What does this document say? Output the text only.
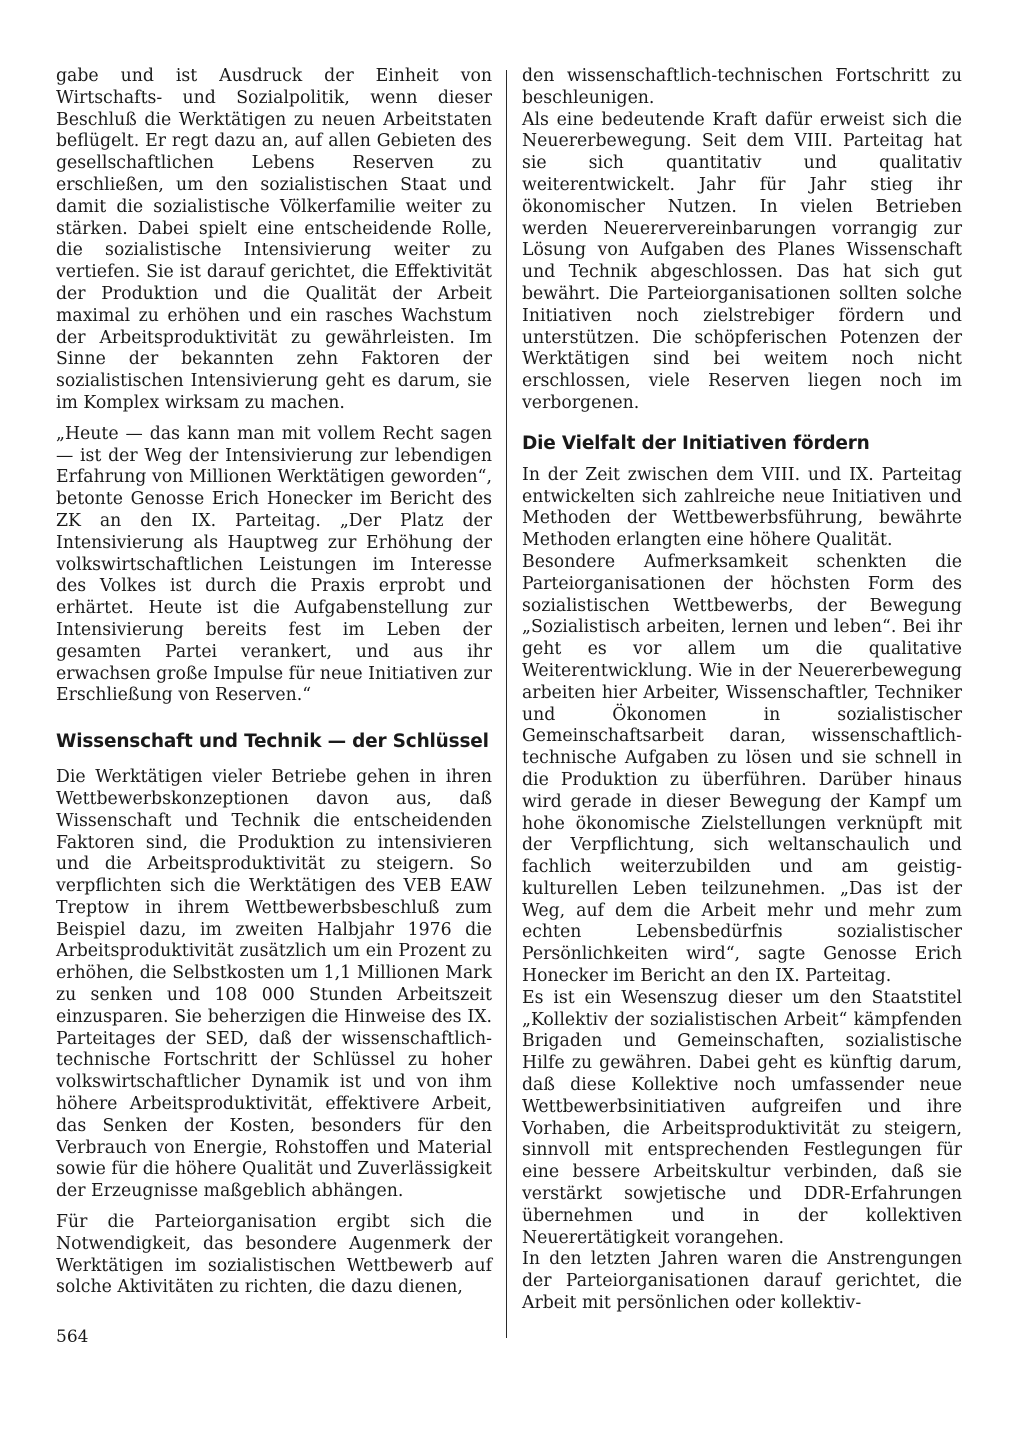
gabe und ist Ausdruck der Einheit von Wirtschafts- und Sozialpolitik, wenn dieser Beschluß die Werktätigen zu neuen Arbeitstaten beflügelt. Er regt dazu an, auf allen Gebieten des gesellschaftlichen Lebens Reserven zu erschließen, um den sozialistischen Staat und damit die sozialistische Völkerfamilie weiter zu stärken. Dabei spielt eine entscheidende Rolle, die sozialistische Intensivierung weiter zu vertiefen. Sie ist darauf gerichtet, die Effektivität der Produktion und die Qualität der Arbeit maximal zu erhöhen und ein rasches Wachstum der Arbeitsproduktivität zu gewährleisten. Im Sinne der bekannten zehn Faktoren der sozialistischen Intensivierung geht es darum, sie im Komplex wirksam zu machen.

„Heute — das kann man mit vollem Recht sagen — ist der Weg der Intensivierung zur lebendigen Erfahrung von Millionen Werktätigen geworden“, betonte Genosse Erich Honecker im Bericht des ZK an den IX. Parteitag. „Der Platz der Intensivierung als Hauptweg zur Erhöhung der volkswirtschaftlichen Leistungen im Interesse des Volkes ist durch die Praxis erprobt und erhärtet. Heute ist die Aufgabenstellung zur Intensivierung bereits fest im Leben der gesamten Partei verankert, und aus ihr erwachsen große Impulse für neue Initiativen zur Erschließung von Reserven.“

Wissenschaft und Technik — der Schlüssel

Die Werktätigen vieler Betriebe gehen in ihren Wettbewerbskonzeptionen davon aus, daß Wissenschaft und Technik die entscheidenden Faktoren sind, die Produktion zu intensivieren und die Arbeitsproduktivität zu steigern. So verpflichten sich die Werktätigen des VEB EAW Treptow in ihrem Wettbewerbsbeschluß zum Beispiel dazu, im zweiten Halbjahr 1976 die Arbeitsproduktivität zusätzlich um ein Prozent zu erhöhen, die Selbstkosten um 1,1 Millionen Mark zu senken und 108 000 Stunden Arbeitszeit einzusparen. Sie beherzigen die Hinweise des IX. Parteitages der SED, daß der wissenschaftlich-technische Fortschritt der Schlüssel zu hoher volkswirtschaftlicher Dynamik ist und von ihm höhere Arbeitsproduktivität, effektivere Arbeit, das Senken der Kosten, besonders für den Verbrauch von Energie, Rohstoffen und Material sowie für die höhere Qualität und Zuverlässigkeit der Erzeugnisse maßgeblich abhängen.

Für die Parteiorganisation ergibt sich die Notwendigkeit, das besondere Augenmerk der Werktätigen im sozialistischen Wettbewerb auf solche Aktivitäten zu richten, die dazu dienen,

den wissenschaftlich-technischen Fortschritt zu beschleunigen.

Als eine bedeutende Kraft dafür erweist sich die Neuererbewegung. Seit dem VIII. Parteitag hat sie sich quantitativ und qualitativ weiterentwickelt. Jahr für Jahr stieg ihr ökonomischer Nutzen. In vielen Betrieben werden Neuerervereinbarungen vorrangig zur Lösung von Aufgaben des Planes Wissenschaft und Technik abgeschlossen. Das hat sich gut bewährt. Die Parteiorganisationen sollten solche Initiativen noch zielstrebiger fördern und unterstützen. Die schöpferischen Potenzen der Werktätigen sind bei weitem noch nicht erschlossen, viele Reserven liegen noch im verborgenen.

Die Vielfalt der Initiativen fördern

In der Zeit zwischen dem VIII. und IX. Parteitag entwickelten sich zahlreiche neue Initiativen und Methoden der Wettbewerbsführung, bewährte Methoden erlangten eine höhere Qualität.

Besondere Aufmerksamkeit schenkten die Parteiorganisationen der höchsten Form des sozialistischen Wettbewerbs, der Bewegung „Sozialistisch arbeiten, lernen und leben“. Bei ihr geht es vor allem um die qualitative Weiterentwicklung. Wie in der Neuererbewegung arbeiten hier Arbeiter, Wissenschaftler, Techniker und Ökonomen in sozialistischer Gemeinschaftsarbeit daran, wissenschaftlich-technische Aufgaben zu lösen und sie schnell in die Produktion zu überführen. Darüber hinaus wird gerade in dieser Bewegung der Kampf um hohe ökonomische Zielstellungen verknüpft mit der Verpflichtung, sich weltanschaulich und fachlich weiterzubilden und am geistig-kulturellen Leben teilzunehmen. „Das ist der Weg, auf dem die Arbeit mehr und mehr zum echten Lebensbedürfnis sozialistischer Persönlichkeiten wird“, sagte Genosse Erich Honecker im Bericht an den IX. Parteitag.

Es ist ein Wesenszug dieser um den Staatstitel „Kollektiv der sozialistischen Arbeit“ kämpfenden Brigaden und Gemeinschaften, sozialistische Hilfe zu gewähren. Dabei geht es künftig darum, daß diese Kollektive noch umfassender neue Wettbewerbsinitiativen aufgreifen und ihre Vorhaben, die Arbeitsproduktivität zu steigern, sinnvoll mit entsprechenden Festlegungen für eine bessere Arbeitskultur verbinden, daß sie verstärkt sowjetische und DDR-Erfahrungen übernehmen und in der kollektiven Neuerertätigkeit vorangehen.

In den letzten Jahren waren die Anstrengungen der Parteiorganisationen darauf gerichtet, die Arbeit mit persönlichen oder kollektiv-

564
